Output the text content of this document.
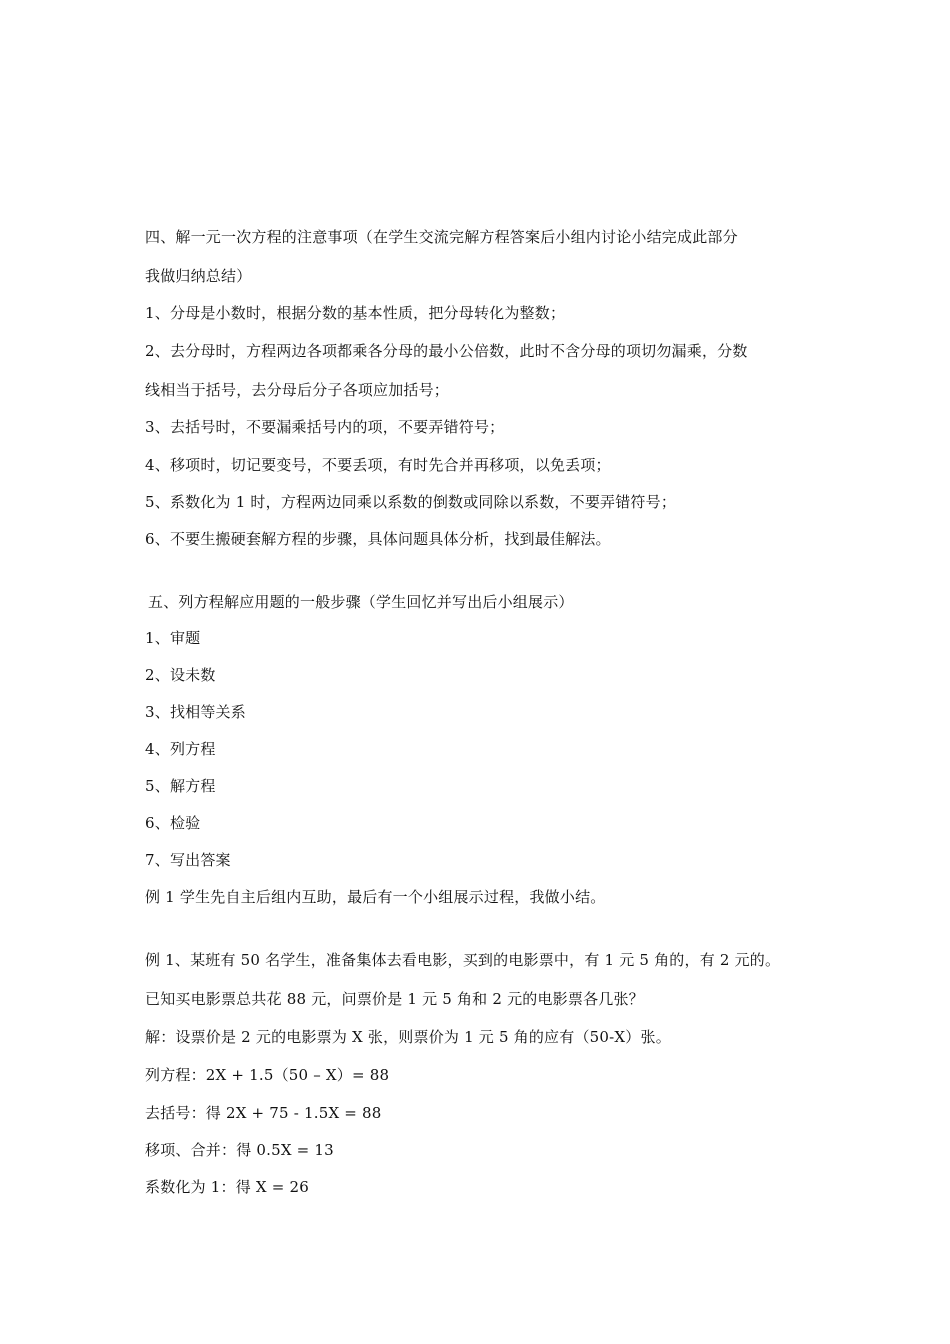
四、解一元一次方程的注意事项（在学生交流完解方程答案后小组内讨论小结完成此部分
我做归纳总结）
1、分母是小数时，根据分数的基本性质，把分母转化为整数；
2、去分母时，方程两边各项都乘各分母的最小公倍数，此时不含分母的项切勿漏乘，分数
线相当于括号，去分母后分子各项应加括号；
3、去括号时，不要漏乘括号内的项，不要弄错符号；
4、移项时，切记要变号，不要丢项，有时先合并再移项，以免丢项；
5、系数化为 1 时，方程两边同乘以系数的倒数或同除以系数，不要弄错符号；
6、不要生搬硬套解方程的步骤，具体问题具体分析，找到最佳解法。
五、列方程解应用题的一般步骤（学生回忆并写出后小组展示）
1、审题
2、设未数
3、找相等关系
4、列方程
5、解方程
6、检验
7、写出答案
例 1 学生先自主后组内互助，最后有一个小组展示过程，我做小结。
例 1、某班有 50 名学生，准备集体去看电影，买到的电影票中，有 1 元 5 角的，有 2 元的。
已知买电影票总共花 88 元，问票价是 1 元 5 角和 2 元的电影票各几张？
解：设票价是 2 元的电影票为 X 张，则票价为 1 元 5 角的应有（50-X）张。
列方程：2X + 1.5（50 – X）= 88
去括号：得 2X + 75 - 1.5X = 88
移项、合并：得 0.5X = 13
系数化为 1：得 X = 26
